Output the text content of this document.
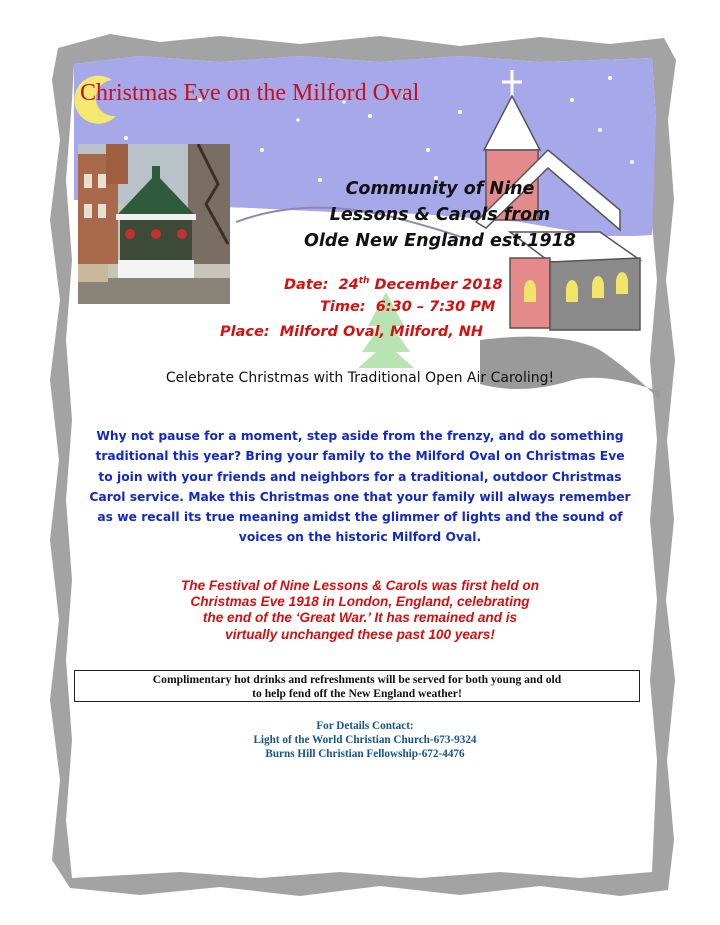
Christmas Eve on the Milford Oval
Community of Nine
Lessons & Carols from
Olde New England est.1918
Date: 24th December 2018
Time: 6:30 – 7:30 PM
Place: Milford Oval, Milford, NH
Celebrate Christmas with Traditional Open Air Caroling!
Why not pause for a moment, step aside from the frenzy, and do something
traditional this year? Bring your family to the Milford Oval on Christmas Eve
to join with your friends and neighbors for a traditional, outdoor Christmas
Carol service. Make this Christmas one that your family will always remember
as we recall its true meaning amidst the glimmer of lights and the sound of
voices on the historic Milford Oval.
The Festival of Nine Lessons & Carols was first held on
Christmas Eve 1918 in London, England, celebrating
the end of the ‘Great War.’ It has remained and is
virtually unchanged these past 100 years!
Complimentary hot drinks and refreshments will be served for both young and old
to help fend off the New England weather!
For Details Contact:
Light of the World Christian Church-673-9324
Burns Hill Christian Fellowship-672-4476
